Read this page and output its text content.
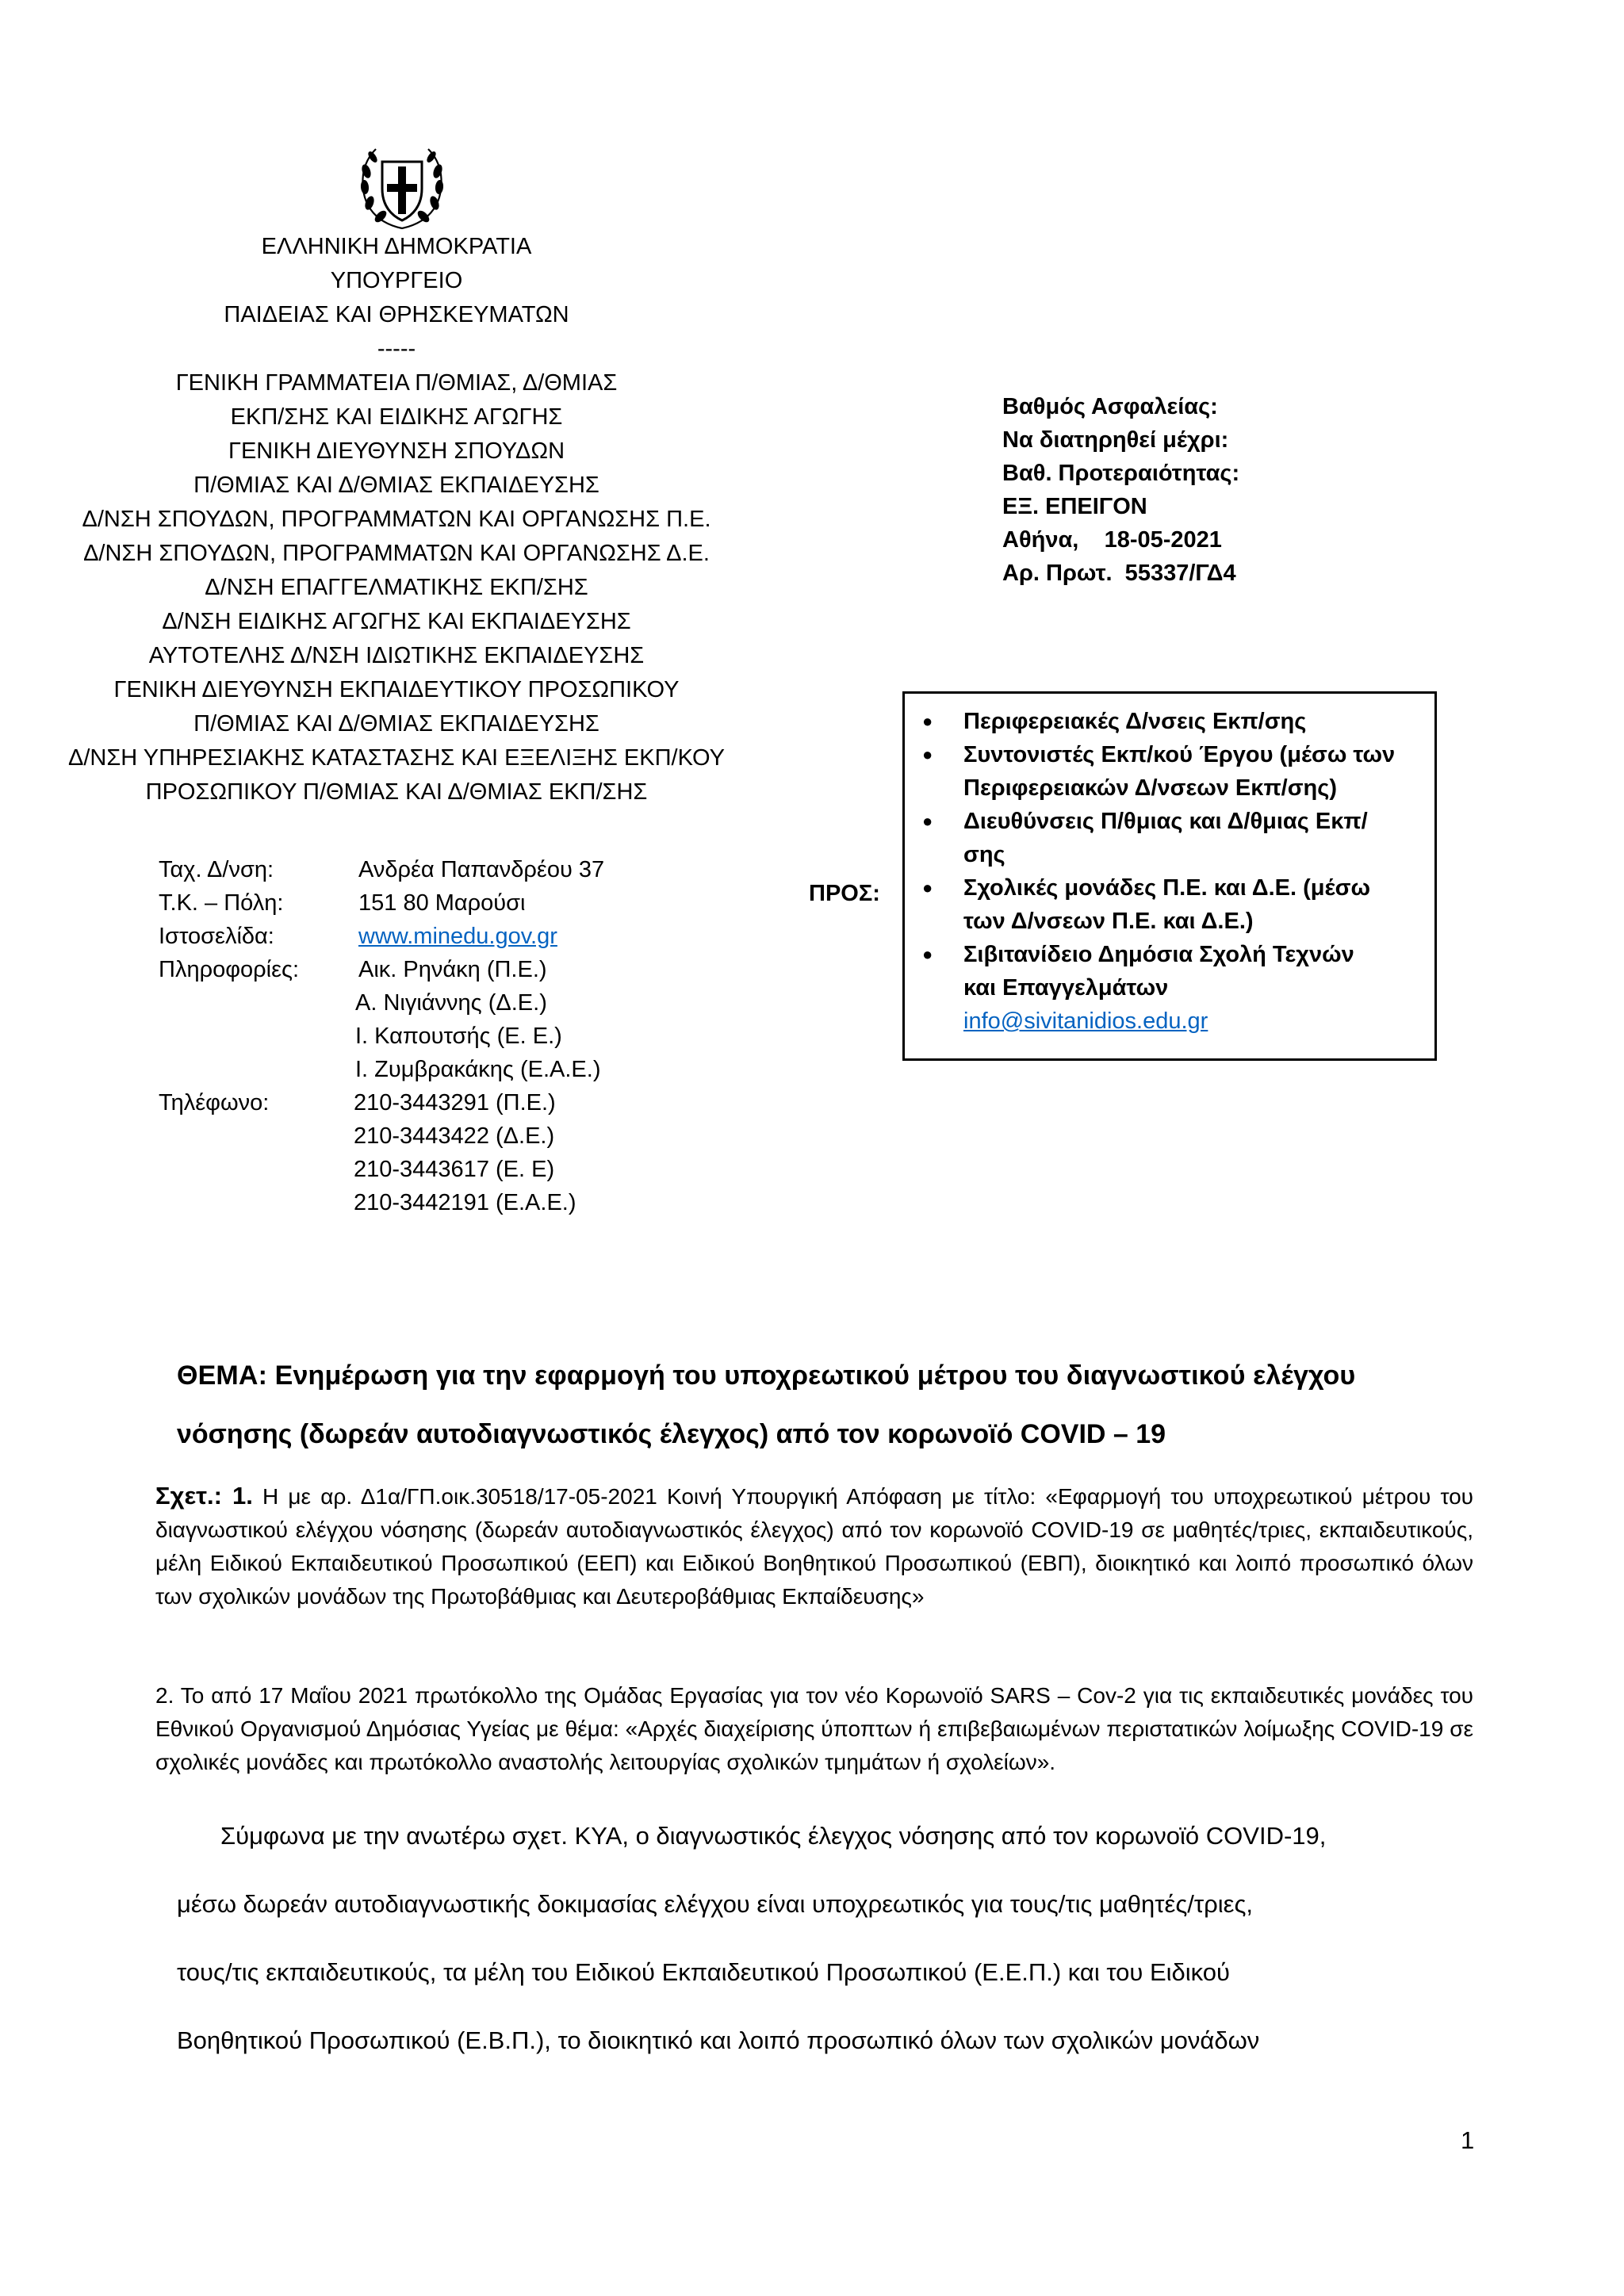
ΕΛΛΗΝΙΚΗ ΔΗΜΟΚΡΑΤΙΑ
ΥΠΟΥΡΓΕΙΟ
ΠΑΙΔΕΙΑΣ ΚΑΙ ΘΡΗΣΚΕΥΜΑΤΩΝ
-----
ΓΕΝΙΚΗ ΓΡΑΜΜΑΤΕΙΑ Π/ΘΜΙΑΣ, Δ/ΘΜΙΑΣ
ΕΚΠ/ΣΗΣ ΚΑΙ ΕΙΔΙΚΗΣ ΑΓΩΓΗΣ
ΓΕΝΙΚΗ ΔΙΕΥΘΥΝΣΗ ΣΠΟΥΔΩΝ
Π/ΘΜΙΑΣ ΚΑΙ Δ/ΘΜΙΑΣ ΕΚΠΑΙΔΕΥΣΗΣ
Δ/ΝΣΗ ΣΠΟΥΔΩΝ, ΠΡΟΓΡΑΜΜΑΤΩΝ ΚΑΙ ΟΡΓΑΝΩΣΗΣ Π.Ε.
Δ/ΝΣΗ ΣΠΟΥΔΩΝ, ΠΡΟΓΡΑΜΜΑΤΩΝ ΚΑΙ ΟΡΓΑΝΩΣΗΣ Δ.Ε.
Δ/ΝΣΗ ΕΠΑΓΓΕΛΜΑΤΙΚΗΣ ΕΚΠ/ΣΗΣ
Δ/ΝΣΗ ΕΙΔΙΚΗΣ ΑΓΩΓΗΣ ΚΑΙ ΕΚΠΑΙΔΕΥΣΗΣ
ΑΥΤΟΤΕΛΗΣ Δ/ΝΣΗ ΙΔΙΩΤΙΚΗΣ ΕΚΠΑΙΔΕΥΣΗΣ
ΓΕΝΙΚΗ ΔΙΕΥΘΥΝΣΗ ΕΚΠΑΙΔΕΥΤΙΚΟΥ ΠΡΟΣΩΠΙΚΟΥ
Π/ΘΜΙΑΣ ΚΑΙ Δ/ΘΜΙΑΣ ΕΚΠΑΙΔΕΥΣΗΣ
Δ/ΝΣΗ ΥΠΗΡΕΣΙΑΚΗΣ ΚΑΤΑΣΤΑΣΗΣ ΚΑΙ ΕΞΕΛΙΞΗΣ ΕΚΠ/ΚΟΥ
ΠΡΟΣΩΠΙΚΟΥ Π/ΘΜΙΑΣ ΚΑΙ Δ/ΘΜΙΑΣ ΕΚΠ/ΣΗΣ
Βαθμός Ασφαλείας:
Να διατηρηθεί μέχρι:
Βαθ. Προτεραιότητας:
ΕΞ. ΕΠΕΙΓΟΝ
Αθήνα,    18-05-2021
Αρ. Πρωτ.  55337/ΓΔ4
Ταχ. Δ/νση:	Ανδρέα Παπανδρέου 37
Τ.Κ. – Πόλη:	151 80 Μαρούσι
Ιστοσελίδα:	www.minedu.gov.gr
Πληροφορίες:	Αικ. Ρηνάκη (Π.Ε.)
Α. Νιγιάννης (Δ.Ε.)
Ι. Καπουτσής (Ε. Ε.)
Ι. Ζυμβρακάκης (Ε.Α.Ε.)
Τηλέφωνο:	210-3443291 (Π.Ε.)
210-3443422 (Δ.Ε.)
210-3443617 (Ε. Ε)
210-3442191 (Ε.Α.Ε.)
ΠΡΟΣ:
● Περιφερειακές Δ/νσεις Εκπ/σης
● Συντονιστές Εκπ/κού Έργου (μέσω των Περιφερειακών Δ/νσεων Εκπ/σης)
● Διευθύνσεις Π/θμιας και Δ/θμιας Εκπ/σης
● Σχολικές μονάδες Π.Ε. και Δ.Ε. (μέσω των Δ/νσεων Π.Ε. και Δ.Ε.)
● Σιβιτανίδειο Δημόσια Σχολή Τεχνών και Επαγγελμάτων
info@sivitanidios.edu.gr
ΘΕΜΑ: Ενημέρωση για την εφαρμογή του υποχρεωτικού μέτρου του διαγνωστικού ελέγχου
νόσησης (δωρεάν αυτοδιαγνωστικός έλεγχος) από τον κορωνοϊό COVID – 19
Σχετ.: 1. Η με αρ. Δ1α/ΓΠ.οικ.30518/17-05-2021 Κοινή Υπουργική Απόφαση με τίτλο: «Εφαρμογή του υποχρεωτικού μέτρου του διαγνωστικού ελέγχου νόσησης (δωρεάν αυτοδιαγνωστικός έλεγχος) από τον κορωνοϊό COVID-19 σε μαθητές/τριες, εκπαιδευτικούς, μέλη Ειδικού Εκπαιδευτικού Προσωπικού (ΕΕΠ) και Ειδικού Βοηθητικού Προσωπικού (ΕΒΠ), διοικητικό και λοιπό προσωπικό όλων των σχολικών μονάδων της Πρωτοβάθμιας και Δευτεροβάθμιας Εκπαίδευσης»
2. Το από 17 Μαΐου 2021 πρωτόκολλο της Ομάδας Εργασίας για τον νέο Κορωνοϊό SARS – Cov-2 για τις εκπαιδευτικές μονάδες του Εθνικού Οργανισμού Δημόσιας Υγείας με θέμα: «Αρχές διαχείρισης ύποπτων ή επιβεβαιωμένων περιστατικών λοίμωξης COVID-19 σε σχολικές μονάδες και πρωτόκολλο αναστολής λειτουργίας σχολικών τμημάτων ή σχολείων».
Σύμφωνα με την ανωτέρω σχετ. ΚΥΑ, ο διαγνωστικός έλεγχος νόσησης από τον κορωνοϊό COVID-19,
μέσω δωρεάν αυτοδιαγνωστικής δοκιμασίας ελέγχου είναι υποχρεωτικός για τους/τις μαθητές/τριες,
τους/τις εκπαιδευτικούς, τα μέλη του Ειδικού Εκπαιδευτικού Προσωπικού (Ε.Ε.Π.) και του Ειδικού
Βοηθητικού Προσωπικού (Ε.Β.Π.), το διοικητικό και λοιπό προσωπικό όλων των σχολικών μονάδων
1
